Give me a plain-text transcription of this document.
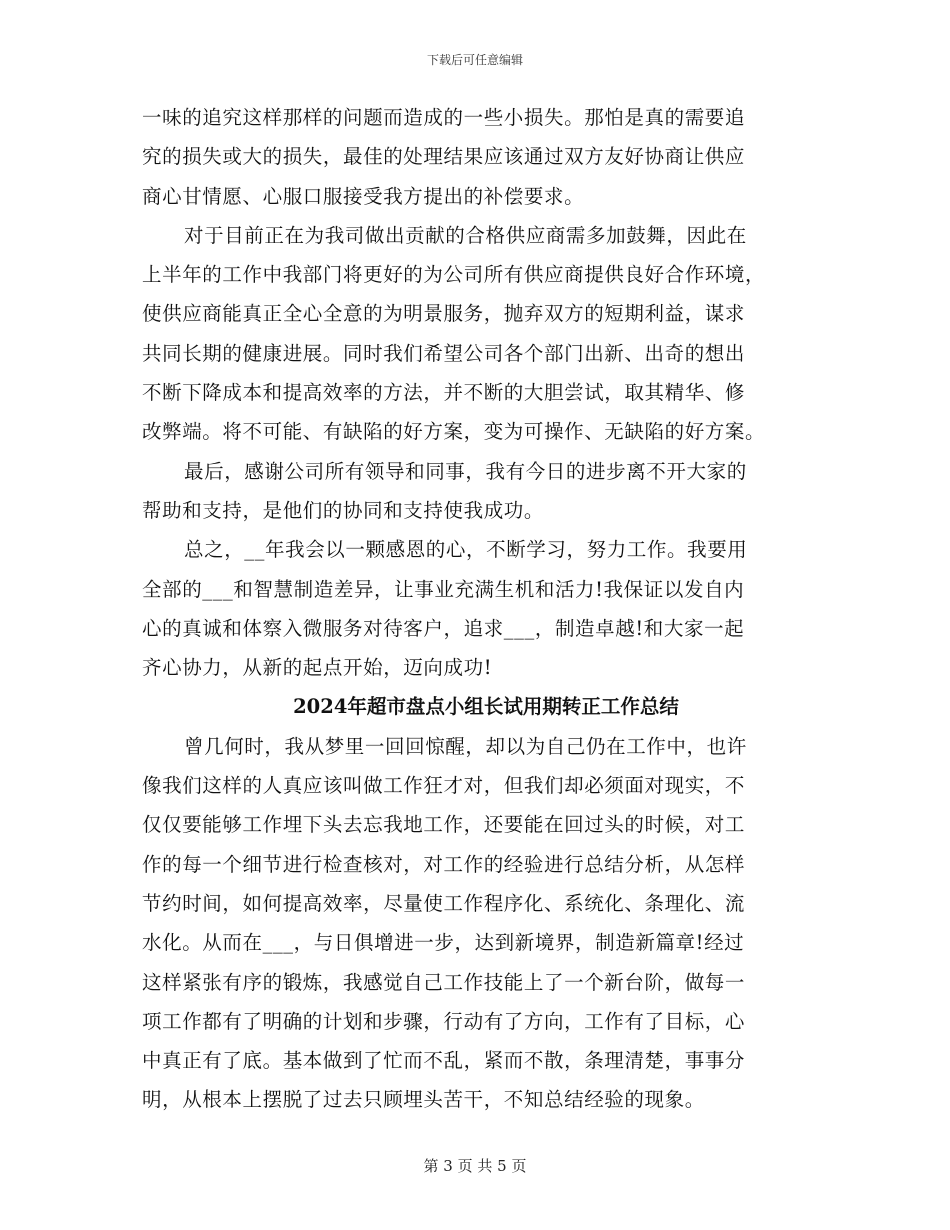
下载后可任意编辑
一味的追究这样那样的问题而造成的一些小损失。那怕是真的需要追
究的损失或大的损失，最佳的处理结果应该通过双方友好协商让供应
商心甘情愿、心服口服接受我方提出的补偿要求。
对于目前正在为我司做出贡献的合格供应商需多加鼓舞，因此在
上半年的工作中我部门将更好的为公司所有供应商提供良好合作环境，
使供应商能真正全心全意的为明景服务，抛弃双方的短期利益，谋求
共同长期的健康进展。同时我们希望公司各个部门出新、出奇的想出
不断下降成本和提高效率的方法，并不断的大胆尝试，取其精华、修
改弊端。将不可能、有缺陷的好方案，变为可操作、无缺陷的好方案。
最后，感谢公司所有领导和同事，我有今日的进步离不开大家的
帮助和支持，是他们的协同和支持使我成功。
总之，__年我会以一颗感恩的心，不断学习，努力工作。我要用
全部的___和智慧制造差异，让事业充满生机和活力!我保证以发自内
心的真诚和体察入微服务对待客户，追求___，制造卓越!和大家一起
齐心协力，从新的起点开始，迈向成功!
2024年超市盘点小组长试用期转正工作总结
曾几何时，我从梦里一回回惊醒，却以为自己仍在工作中，也许
像我们这样的人真应该叫做工作狂才对，但我们却必须面对现实，不
仅仅要能够工作埋下头去忘我地工作，还要能在回过头的时候，对工
作的每一个细节进行检查核对，对工作的经验进行总结分析，从怎样
节约时间，如何提高效率，尽量使工作程序化、系统化、条理化、流
水化。从而在___，与日俱增进一步，达到新境界，制造新篇章!经过
这样紧张有序的锻炼，我感觉自己工作技能上了一个新台阶，做每一
项工作都有了明确的计划和步骤，行动有了方向，工作有了目标，心
中真正有了底。基本做到了忙而不乱，紧而不散，条理清楚，事事分
明，从根本上摆脱了过去只顾埋头苦干，不知总结经验的现象。
第 3 页 共 5 页
